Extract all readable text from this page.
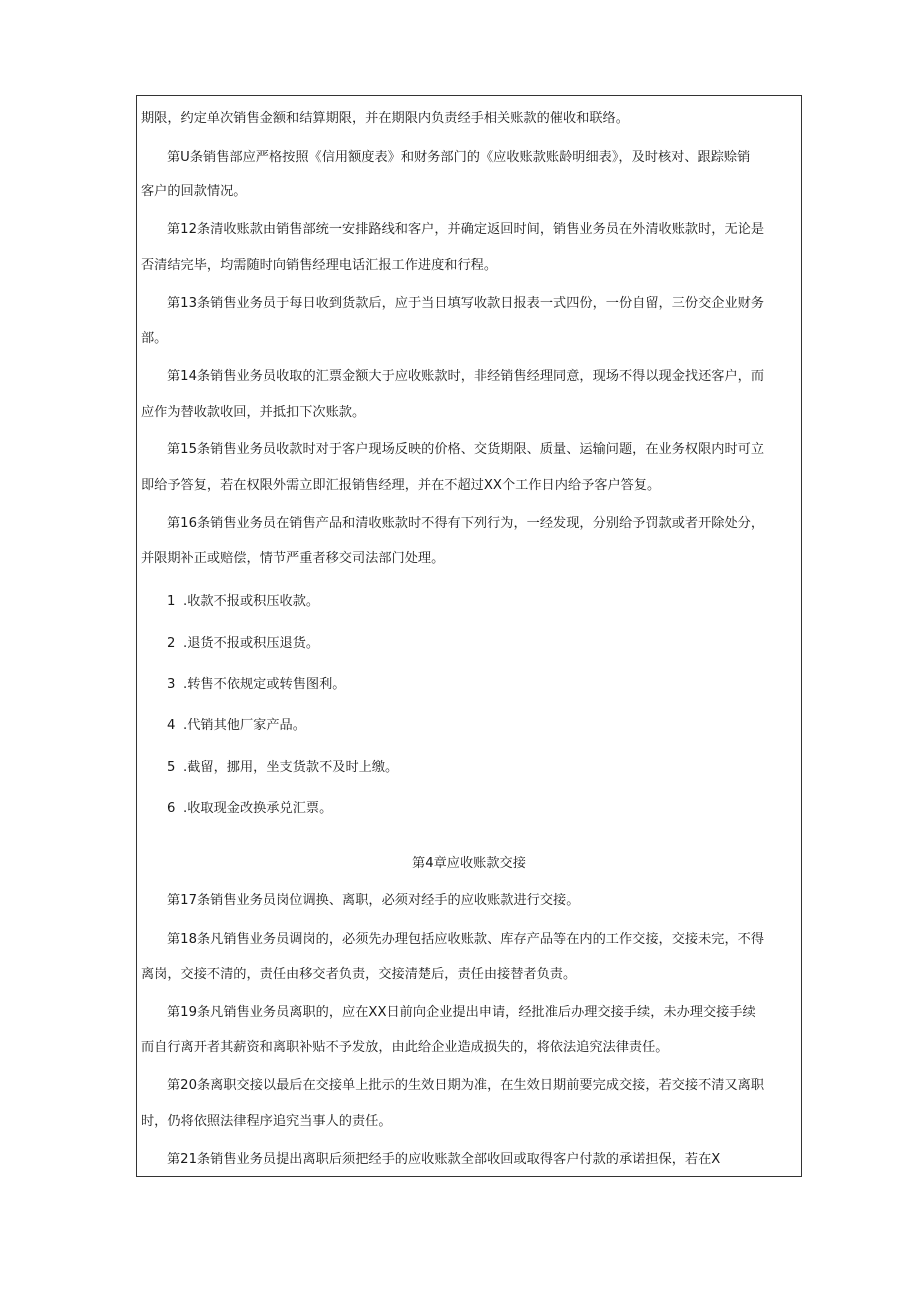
期限，约定单次销售金额和结算期限，并在期限内负责经手相关账款的催收和联络。
第U条销售部应严格按照《信用额度表》和财务部门的《应收账款账龄明细表》，及时核对、跟踪赊销
客户的回款情况。
第12条清收账款由销售部统一安排路线和客户，并确定返回时间，销售业务员在外清收账款时，无论是
否清结完毕，均需随时向销售经理电话汇报工作进度和行程。
第13条销售业务员于每日收到货款后，应于当日填写收款日报表一式四份，一份自留，三份交企业财务
部。
第14条销售业务员收取的汇票金额大于应收账款时，非经销售经理同意，现场不得以现金找还客户，而
应作为替收款收回，并抵扣下次账款。
第15条销售业务员收款时对于客户现场反映的价格、交货期限、质量、运输问题，在业务权限内时可立
即给予答复，若在权限外需立即汇报销售经理，并在不超过XX个工作日内给予客户答复。
第16条销售业务员在销售产品和清收账款时不得有下列行为，一经发现，分别给予罚款或者开除处分，
并限期补正或赔偿，情节严重者移交司法部门处理。
1 .收款不报或积压收款。
2 .退货不报或积压退货。
3 .转售不依规定或转售图利。
4 .代销其他厂家产品。
5 .截留，挪用，坐支货款不及时上缴。
6 .收取现金改换承兑汇票。
第4章应收账款交接
第17条销售业务员岗位调换、离职，必须对经手的应收账款进行交接。
第18条凡销售业务员调岗的，必须先办理包括应收账款、库存产品等在内的工作交接，交接未完，不得
离岗，交接不清的，责任由移交者负责，交接清楚后，责任由接替者负责。
第19条凡销售业务员离职的，应在XX日前向企业提出申请，经批准后办理交接手续，未办理交接手续
而自行离开者其薪资和离职补贴不予发放，由此给企业造成损失的，将依法追究法律责任。
第20条离职交接以最后在交接单上批示的生效日期为准，在生效日期前要完成交接，若交接不清又离职
时，仍将依照法律程序追究当事人的责任。
第21条销售业务员提出离职后须把经手的应收账款全部收回或取得客户付款的承诺担保，若在X
